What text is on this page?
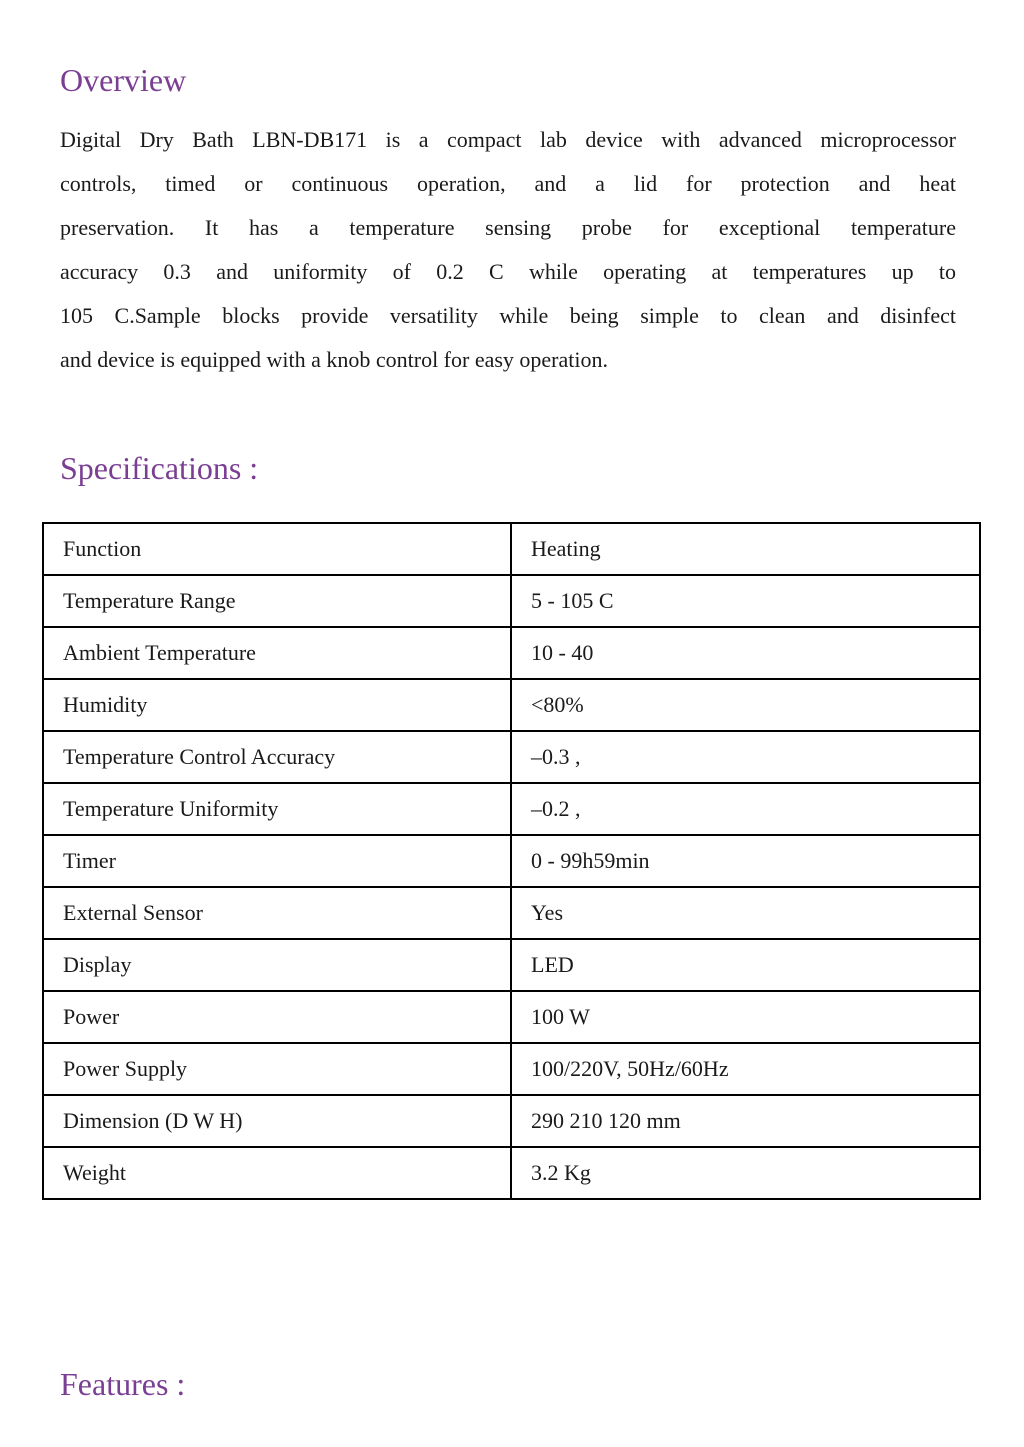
Overview
Digital Dry Bath LBN-DB171 is a compact lab device with advanced microprocessor
controls, timed or continuous operation, and a lid for protection and heat
preservation. It has a temperature sensing probe for exceptional temperature
accuracy 0.3 and uniformity of 0.2 C while operating at temperatures up to
105 C.Sample blocks provide versatility while being simple to clean and disinfect
and device is equipped with a knob control for easy operation.
Specifications :
Function	Heating
Temperature Range	5 - 105 C
Ambient Temperature	10 - 40
Humidity	<80%
Temperature Control Accuracy	–0.3 ,
Temperature Uniformity	–0.2 ,
Timer	0 - 99h59min
External Sensor	Yes
Display	LED
Power	100 W
Power Supply	100/220V, 50Hz/60Hz
Dimension (D W H)	290 210 120 mm
Weight	3.2 Kg
Features :
